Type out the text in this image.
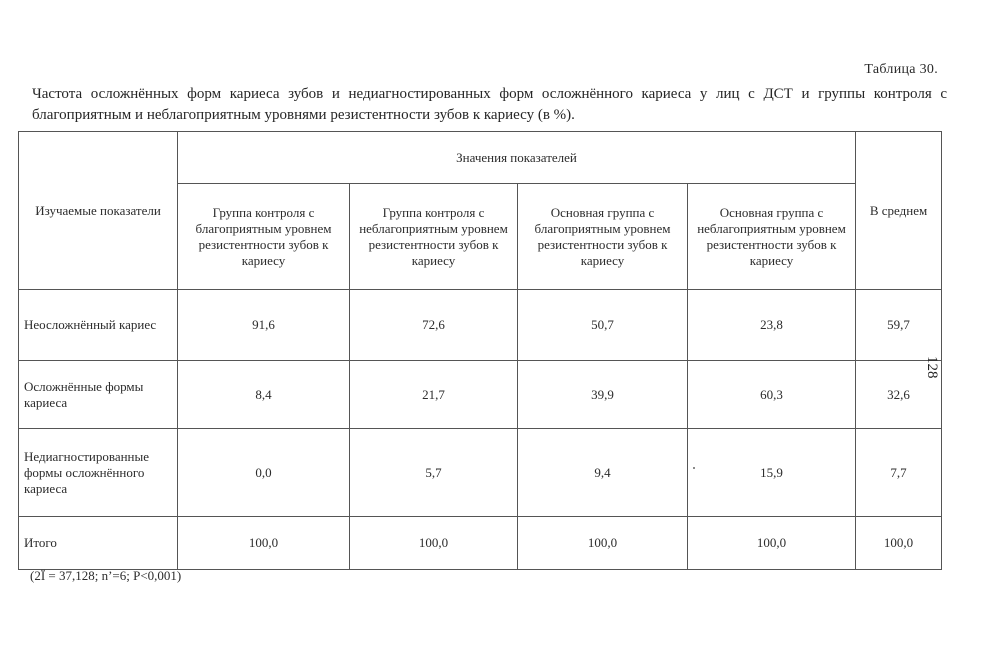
Таблица 30.
Частота осложнённых форм кариеса зубов и недиагностированных форм осложнённого кариеса у лиц с ДСТ и группы контроля с благоприятным и неблагоприятным уровнями резистентности зубов к кариесу (в %).
Изучаемые показатели	Значения показателей				В среднем
	Группа контроля с благоприятным уровнем резистентности зубов к кариесу	Группа контроля с неблагоприятным уровнем резистентности зубов к кариесу	Основная группа с благоприятным уровнем резистентности зубов к кариесу	Основная группа с неблагоприятным уровнем резистентности зубов к кариесу	
Неосложнённый кариес	91,6	72,6	50,7	23,8	59,7
Осложнённые формы кариеса	8,4	21,7	39,9	60,3	32,6
Недиагностированные формы осложнённого кариеса	0,0	5,7	9,4	15,9	7,7
Итого	100,0	100,0	100,0	100,0	100,0
(2Ї = 37,128; n’=6; Р<0,001)
128
